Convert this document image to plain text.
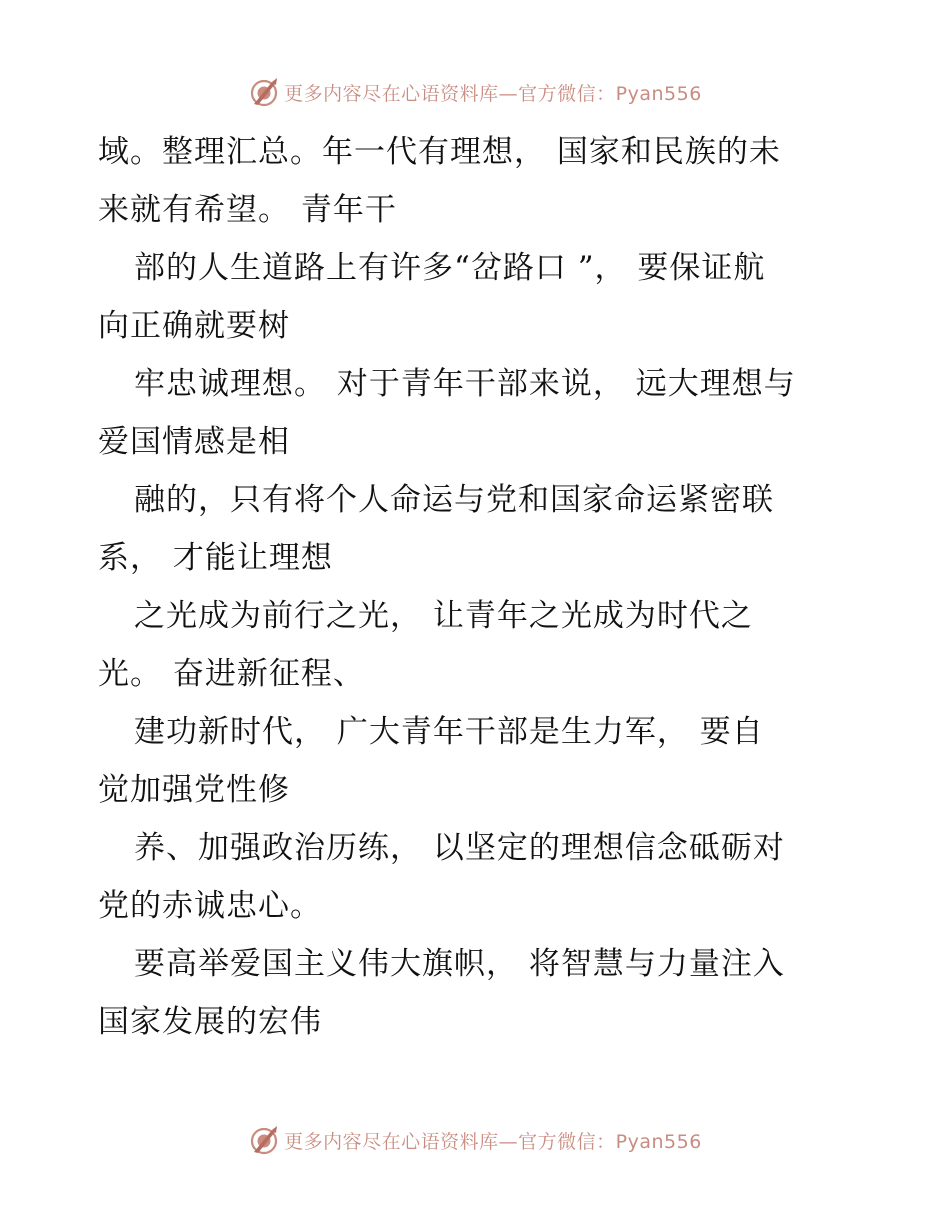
更多内容尽在心语资料库—官方微信：Pyan556
域。整理汇总。年一代有理想， 国家和民族的未
来就有希望。 青年干
部的人生道路上有许多“岔路口 ”， 要保证航
向正确就要树
牢忠诚理想。 对于青年干部来说， 远大理想与
爱国情感是相
融的，只有将个人命运与党和国家命运紧密联
系， 才能让理想
之光成为前行之光， 让青年之光成为时代之
光。 奋进新征程、
建功新时代， 广大青年干部是生力军， 要自
觉加强党性修
养、加强政治历练， 以坚定的理想信念砥砺对
党的赤诚忠心。
要高举爱国主义伟大旗帜， 将智慧与力量注入
国家发展的宏伟
更多内容尽在心语资料库—官方微信：Pyan556
